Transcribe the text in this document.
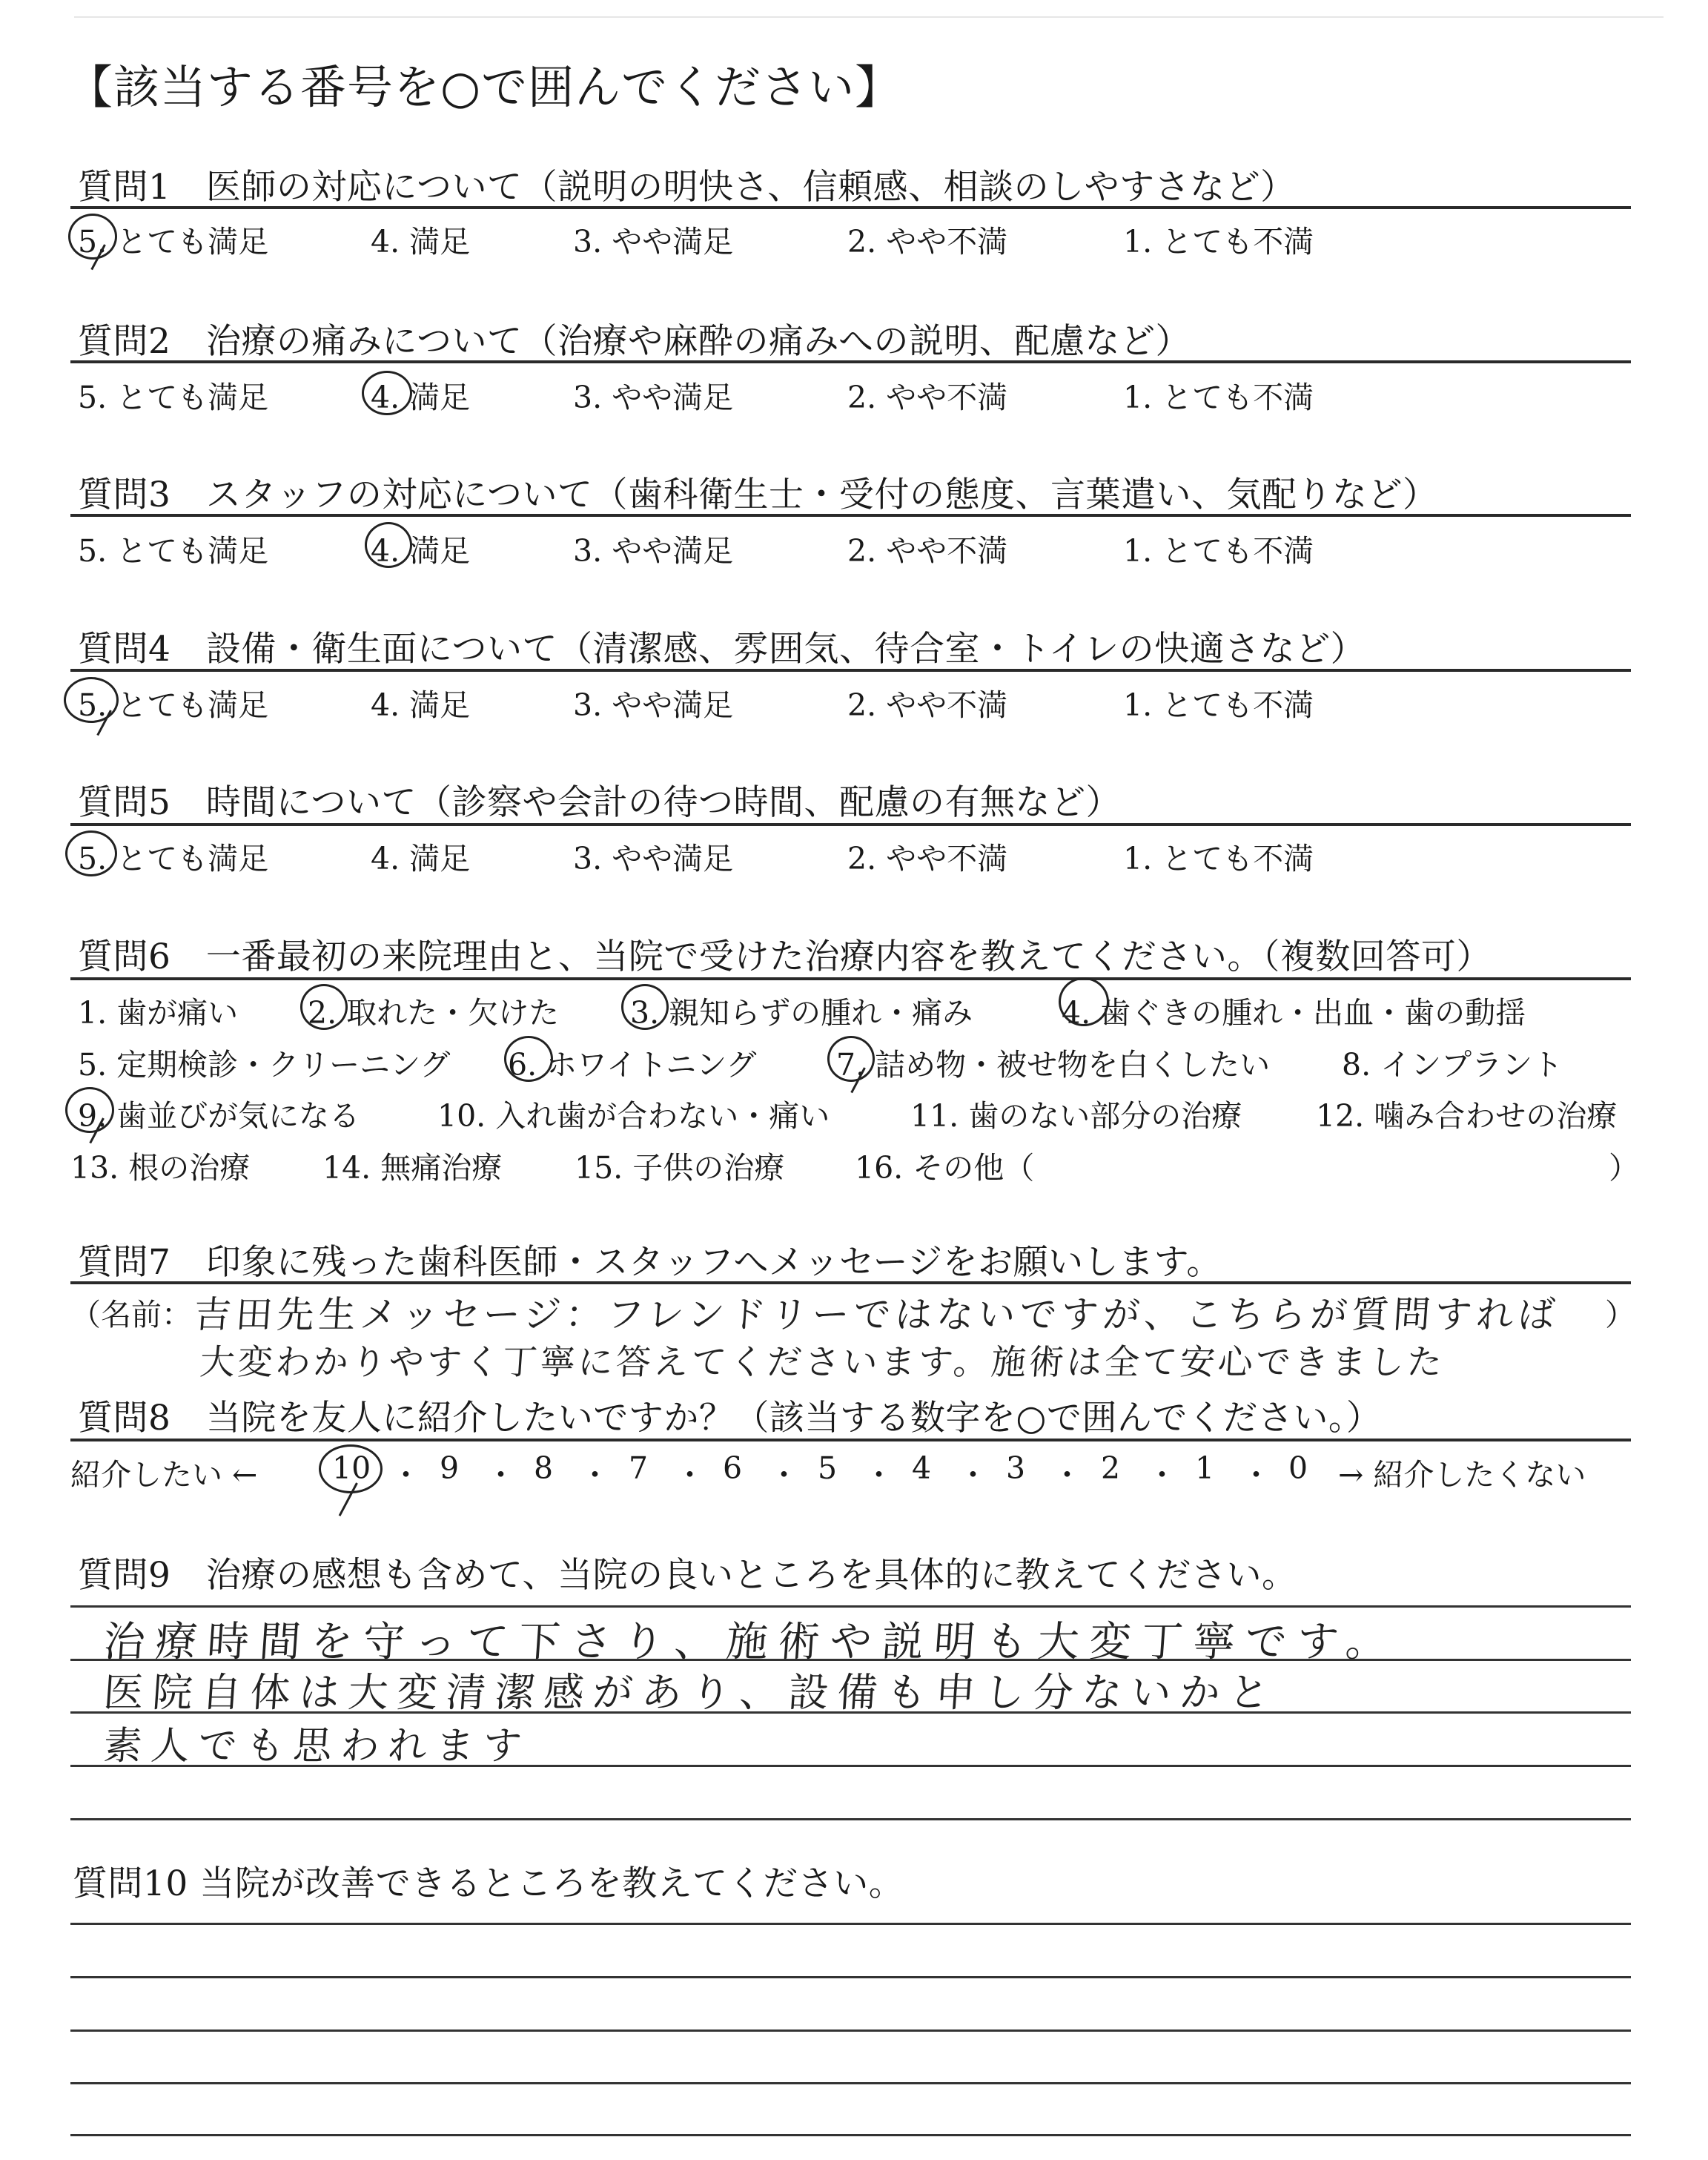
【該当する番号を○で囲んでください】
質問1　医師の対応について（説明の明快さ、信頼感、相談のしやすさなど）
5. とても満足	4. 満足	3. やや満足	2. やや不満	1. とても不満
質問2　治療の痛みについて（治療や麻酔の痛みへの説明、配慮など）
5. とても満足	4. 満足	3. やや満足	2. やや不満	1. とても不満
質問3　スタッフの対応について（歯科衛生士・受付の態度、言葉遣い、気配りなど）
5. とても満足	4. 満足	3. やや満足	2. やや不満	1. とても不満
質問4　設備・衛生面について（清潔感、雰囲気、待合室・トイレの快適さなど）
5. とても満足	4. 満足	3. やや満足	2. やや不満	1. とても不満
質問5　時間について（診察や会計の待つ時間、配慮の有無など）
5. とても満足	4. 満足	3. やや満足	2. やや不満	1. とても不満
質問6　一番最初の来院理由と、当院で受けた治療内容を教えてください。（複数回答可）
1. 歯が痛い 2. 取れた・欠けた 3. 親知らずの腫れ・痛み	4. 歯ぐきの腫れ・出血・歯の動揺
5. 定期検診・クリーニング 6. ホワイトニング	7. 詰め物・被せ物を白くしたい 8. インプラント
9. 歯並びが気になる	10. 入れ歯が合わない・痛い	11. 歯のない部分の治療 12. 噛み合わせの治療
13. 根の治療 14. 無痛治療 15. 子供の治療 16. その他（	）
質問7　印象に残った歯科医師・スタッフへメッセージをお願いします。
（名前：	）
吉田先生メッセージ：フレンドリーではないですが、こちらが質問すれば
大変わかりやすく丁寧に答えてくださいます。施術は全て安心できました
質問8　当院を友人に紹介したいですか？（該当する数字を○で囲んでください。）
紹介したい ←	→ 紹介したくない
10 ・ 9 ・ 8 ・ 7 ・ 6 ・ 5 ・ 4 ・ 3 ・ 2 ・ 1 ・ 0
質問9　治療の感想も含めて、当院の良いところを具体的に教えてください。
治療時間を守って下さり、施術や説明も大変丁寧です。
医院自体は大変清潔感があり、設備も申し分ないかと
素人でも思われます
質問10 当院が改善できるところを教えてください。
